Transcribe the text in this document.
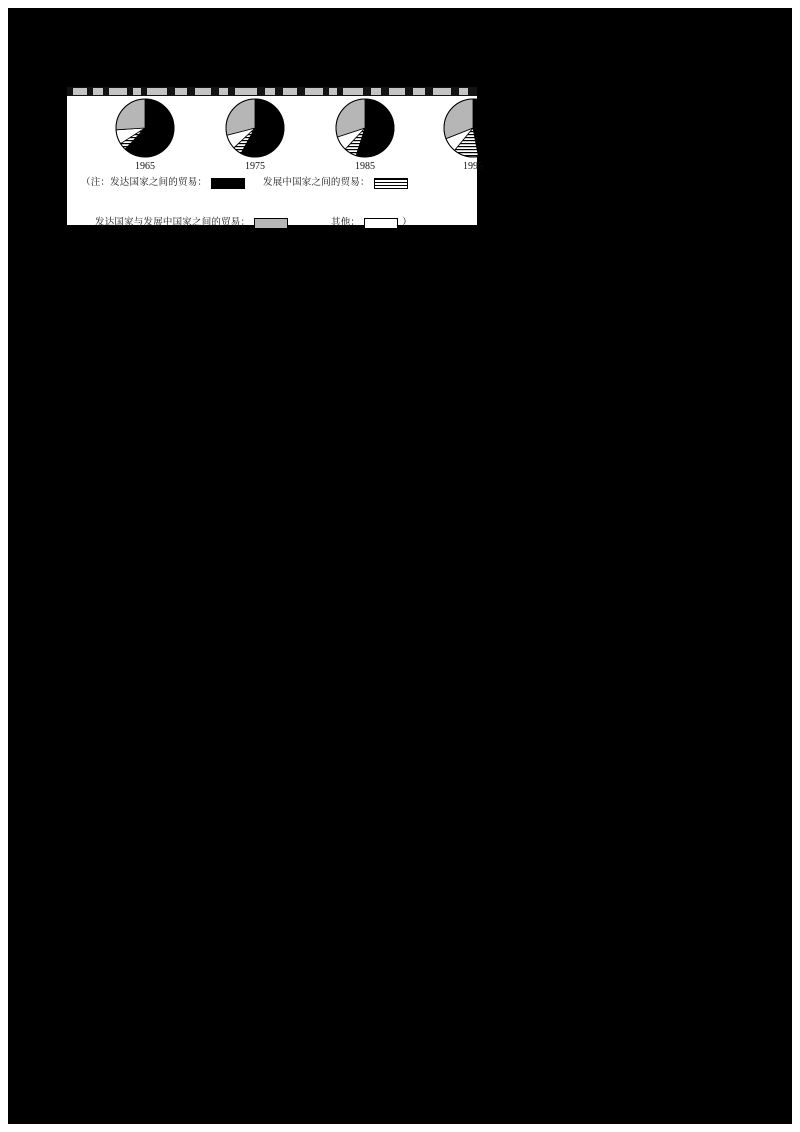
1965	1975	1985	1995
（注：发达国家之间的贸易：	发展中国家之间的贸易：
发达国家与发展中国家之间的贸易：	其他：	）
